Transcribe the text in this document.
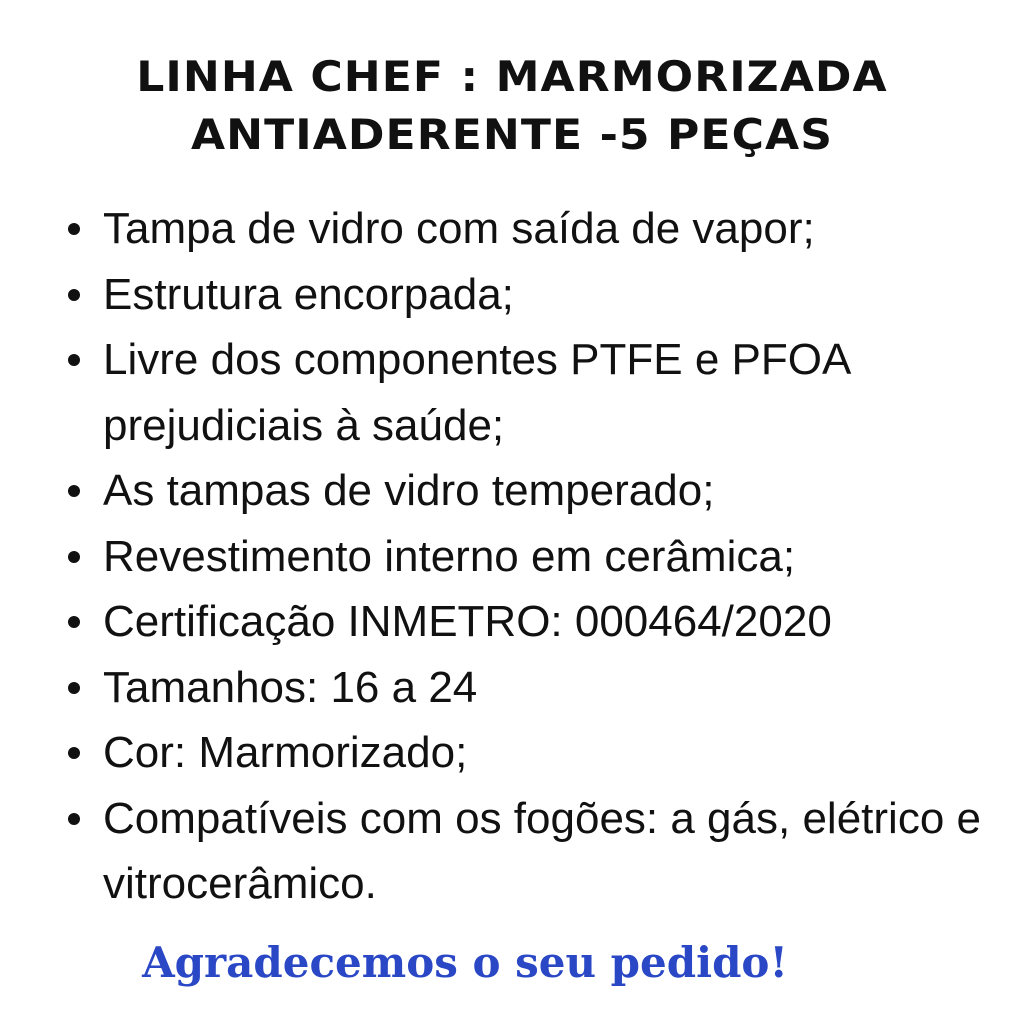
LINHA CHEF : MARMORIZADA
ANTIADERENTE -5 PEÇAS
Tampa de vidro com saída de vapor;
Estrutura encorpada;
Livre dos componentes PTFE e PFOA prejudiciais à saúde;
As tampas de vidro temperado;
Revestimento interno em cerâmica;
Certificação INMETRO: 000464/2020
Tamanhos: 16 a 24
Cor: Marmorizado;
Compatíveis com os fogões: a gás, elétrico e vitrocerâmico.
Agradecemos o seu pedido!
